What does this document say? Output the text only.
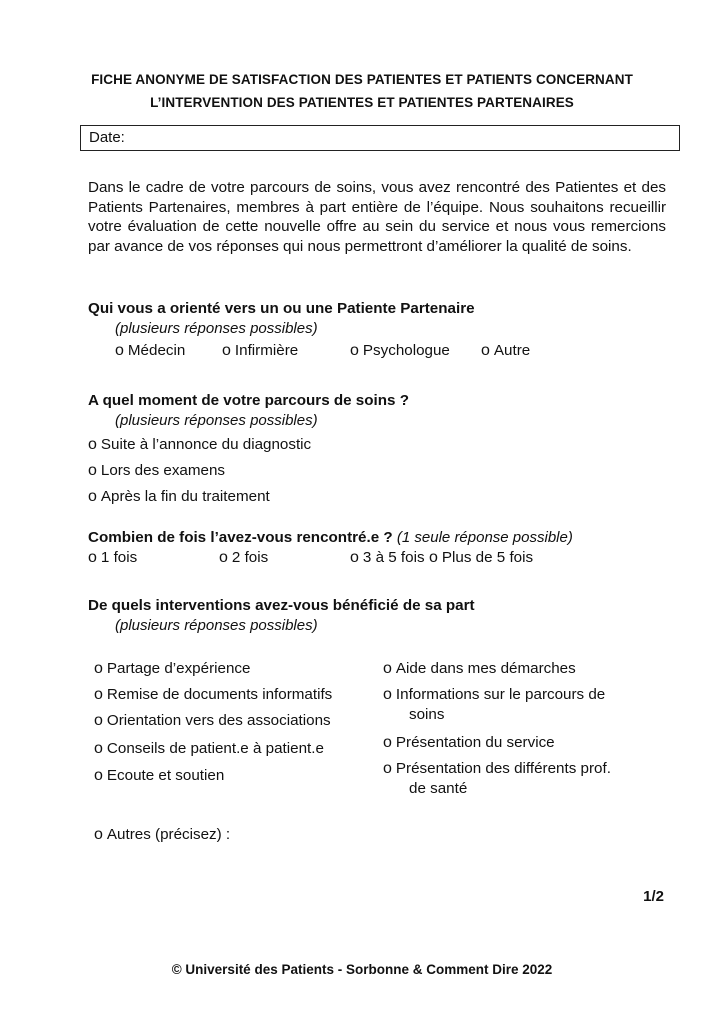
FICHE ANONYME DE SATISFACTION DES PATIENTES ET PATIENTS CONCERNANT
L’INTERVENTION DES PATIENTES ET PATIENTES PARTENAIRES
Date:
Dans le cadre de votre parcours de soins, vous avez rencontré des Patientes et des Patients Partenaires, membres à part entière de l’équipe. Nous souhaitons recueillir votre évaluation de cette nouvelle offre au sein du service et nous vous remercions par avance de vos réponses qui nous permettront d’améliorer la qualité de soins.
Qui vous a orienté vers un ou une Patiente Partenaire
(plusieurs réponses possibles)
o Médecin o Infirmière	o Psychologue o Autre
A quel moment de votre parcours de soins ?
(plusieurs réponses possibles)
o Suite à l’annonce du diagnostic
o Lors des examens
o Après la fin du traitement
Combien de fois l’avez-vous rencontré.e ? (1 seule réponse possible)
o 1 fois	o 2 fois	o 3 à 5 fois o Plus de 5 fois
De quels interventions avez-vous bénéficié de sa part
(plusieurs réponses possibles)
o Partage d’expérience
o Remise de documents informatifs
o Orientation vers des associations
o Conseils de patient.e à patient.e
o Ecoute et soutien
o Aide dans mes démarches
o Informations sur le parcours de
soins
o Présentation du service
o Présentation des différents prof.
de santé
o Autres (précisez) :
1/2
© Université des Patients - Sorbonne & Comment Dire 2022
